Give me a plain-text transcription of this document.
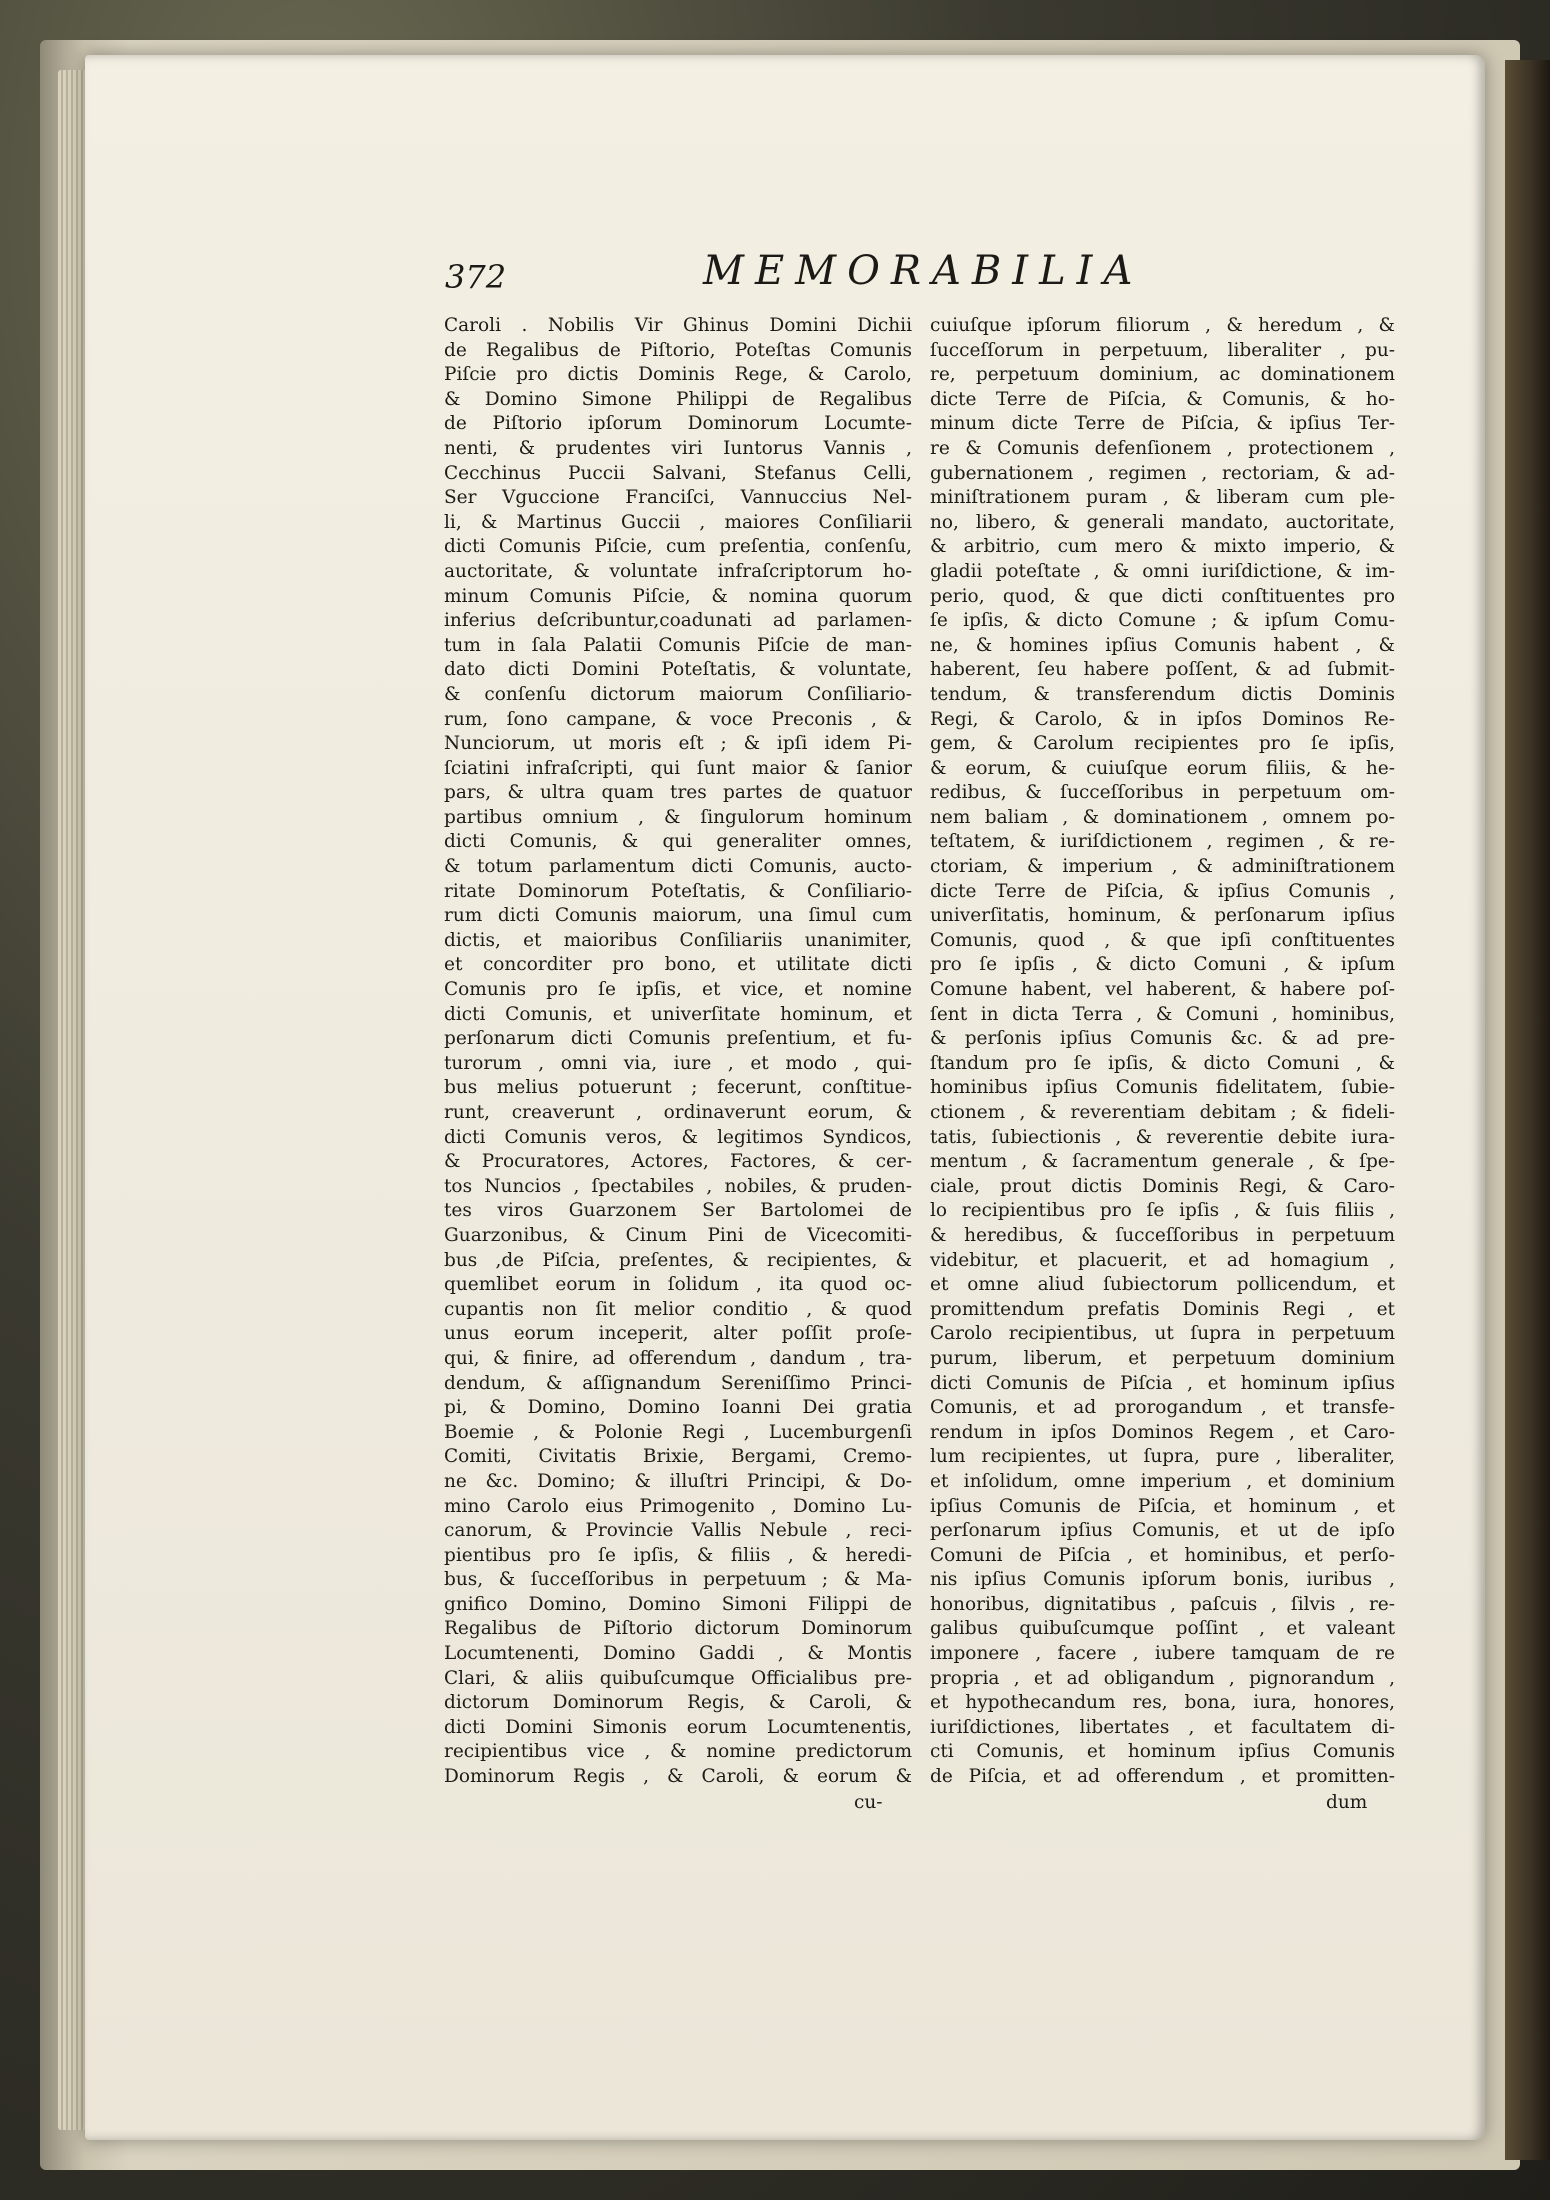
372	MEMORABILIA
Caroli . Nobilis Vir Ghinus Domini Dichii
de Regalibus de Piſtorio, Poteſtas Comunis
Piſcie pro dictis Dominis Rege, & Carolo,
& Domino Simone Philippi de Regalibus
de Piſtorio ipſorum Dominorum Locumte-
nenti, & prudentes viri Iuntorus Vannis ,
Cecchinus Puccii Salvani, Stefanus Celli,
Ser Vguccione Franciſci, Vannuccius Nel-
li, & Martinus Guccii , maiores Conſiliarii
dicti Comunis Piſcie, cum preſentia, conſenſu,
auctoritate, & voluntate infraſcriptorum ho-
minum Comunis Piſcie, & nomina quorum
inferius deſcribuntur,coadunati ad parlamen-
tum in ſala Palatii Comunis Piſcie de man-
dato dicti Domini Poteſtatis, & voluntate,
& conſenſu dictorum maiorum Conſiliario-
rum, ſono campane, & voce Preconis , &
Nunciorum, ut moris eſt ; & ipſi idem Pi-
ſciatini infraſcripti, qui ſunt maior & ſanior
pars, & ultra quam tres partes de quatuor
partibus omnium , & ſingulorum hominum
dicti Comunis, & qui generaliter omnes,
& totum parlamentum dicti Comunis, aucto-
ritate Dominorum Poteſtatis, & Conſiliario-
rum dicti Comunis maiorum, una ſimul cum
dictis, et maioribus Conſiliariis unanimiter,
et concorditer pro bono, et utilitate dicti
Comunis pro ſe ipſis, et vice, et nomine
dicti Comunis, et univerſitate hominum, et
perſonarum dicti Comunis preſentium, et fu-
turorum , omni via, iure , et modo , qui-
bus melius potuerunt ; fecerunt, conſtitue-
runt, creaverunt , ordinaverunt eorum, &
dicti Comunis veros, & legitimos Syndicos,
& Procuratores, Actores, Factores, & cer-
tos Nuncios , ſpectabiles , nobiles, & pruden-
tes viros Guarzonem Ser Bartolomei de
Guarzonibus, & Cinum Pini de Vicecomiti-
bus ,de Piſcia, preſentes, & recipientes, &
quemlibet eorum in ſolidum , ita quod oc-
cupantis non ſit melior conditio , & quod
unus eorum inceperit, alter poſſit proſe-
qui, & finire, ad offerendum , dandum , tra-
dendum, & aſſignandum Sereniſſimo Princi-
pi, & Domino, Domino Ioanni Dei gratia
Boemie , & Polonie Regi , Lucemburgenſi
Comiti, Civitatis Brixie, Bergami, Cremo-
ne &c. Domino; & illuſtri Principi, & Do-
mino Carolo eius Primogenito , Domino Lu-
canorum, & Provincie Vallis Nebule , reci-
pientibus pro ſe ipſis, & filiis , & heredi-
bus, & ſucceſſoribus in perpetuum ; & Ma-
gnifico Domino, Domino Simoni Filippi de
Regalibus de Piſtorio dictorum Dominorum
Locumtenenti, Domino Gaddi , & Montis
Clari, & aliis quibuſcumque Officialibus pre-
dictorum Dominorum Regis, & Caroli, &
dicti Domini Simonis eorum Locumtenentis,
recipientibus vice , & nomine predictorum
Dominorum Regis , & Caroli, & eorum &
cuiuſque ipſorum filiorum , & heredum , &
ſucceſſorum in perpetuum, liberaliter , pu-
re, perpetuum dominium, ac dominationem
dicte Terre de Piſcia, & Comunis, & ho-
minum dicte Terre de Piſcia, & ipſius Ter-
re & Comunis defenſionem , protectionem ,
gubernationem , regimen , rectoriam, & ad-
miniſtrationem puram , & liberam cum ple-
no, libero, & generali mandato, auctoritate,
& arbitrio, cum mero & mixto imperio, &
gladii poteſtate , & omni iuriſdictione, & im-
perio, quod, & que dicti conſtituentes pro
ſe ipſis, & dicto Comune ; & ipſum Comu-
ne, & homines ipſius Comunis habent , &
haberent, ſeu habere poſſent, & ad ſubmit-
tendum, & transferendum dictis Dominis
Regi, & Carolo, & in ipſos Dominos Re-
gem, & Carolum recipientes pro ſe ipſis,
& eorum, & cuiuſque eorum filiis, & he-
redibus, & ſucceſſoribus in perpetuum om-
nem baliam , & dominationem , omnem po-
teſtatem, & iuriſdictionem , regimen , & re-
ctoriam, & imperium , & adminiſtrationem
dicte Terre de Piſcia, & ipſius Comunis ,
univerſitatis, hominum, & perſonarum ipſius
Comunis, quod , & que ipſi conſtituentes
pro ſe ipſis , & dicto Comuni , & ipſum
Comune habent, vel haberent, & habere poſ-
ſent in dicta Terra , & Comuni , hominibus,
& perſonis ipſius Comunis &c. & ad pre-
ſtandum pro ſe ipſis, & dicto Comuni , &
hominibus ipſius Comunis fidelitatem, ſubie-
ctionem , & reverentiam debitam ; & fideli-
tatis, ſubiectionis , & reverentie debite iura-
mentum , & ſacramentum generale , & ſpe-
ciale, prout dictis Dominis Regi, & Caro-
lo recipientibus pro ſe ipſis , & ſuis filiis ,
& heredibus, & ſucceſſoribus in perpetuum
videbitur, et placuerit, et ad homagium ,
et omne aliud ſubiectorum pollicendum, et
promittendum prefatis Dominis Regi , et
Carolo recipientibus, ut ſupra in perpetuum
purum, liberum, et perpetuum dominium
dicti Comunis de Piſcia , et hominum ipſius
Comunis, et ad prorogandum , et transfe-
rendum in ipſos Dominos Regem , et Caro-
lum recipientes, ut ſupra, pure , liberaliter,
et inſolidum, omne imperium , et dominium
ipſius Comunis de Piſcia, et hominum , et
perſonarum ipſius Comunis, et ut de ipſo
Comuni de Piſcia , et hominibus, et perſo-
nis ipſius Comunis ipſorum bonis, iuribus ,
honoribus, dignitatibus , paſcuis , ſilvis , re-
galibus quibuſcumque poſſint , et valeant
imponere , facere , iubere tamquam de re
propria , et ad obligandum , pignorandum ,
et hypothecandum res, bona, iura, honores,
iuriſdictiones, libertates , et facultatem di-
cti Comunis, et hominum ipſius Comunis
de Piſcia, et ad offerendum , et promitten-
cu-	dum
